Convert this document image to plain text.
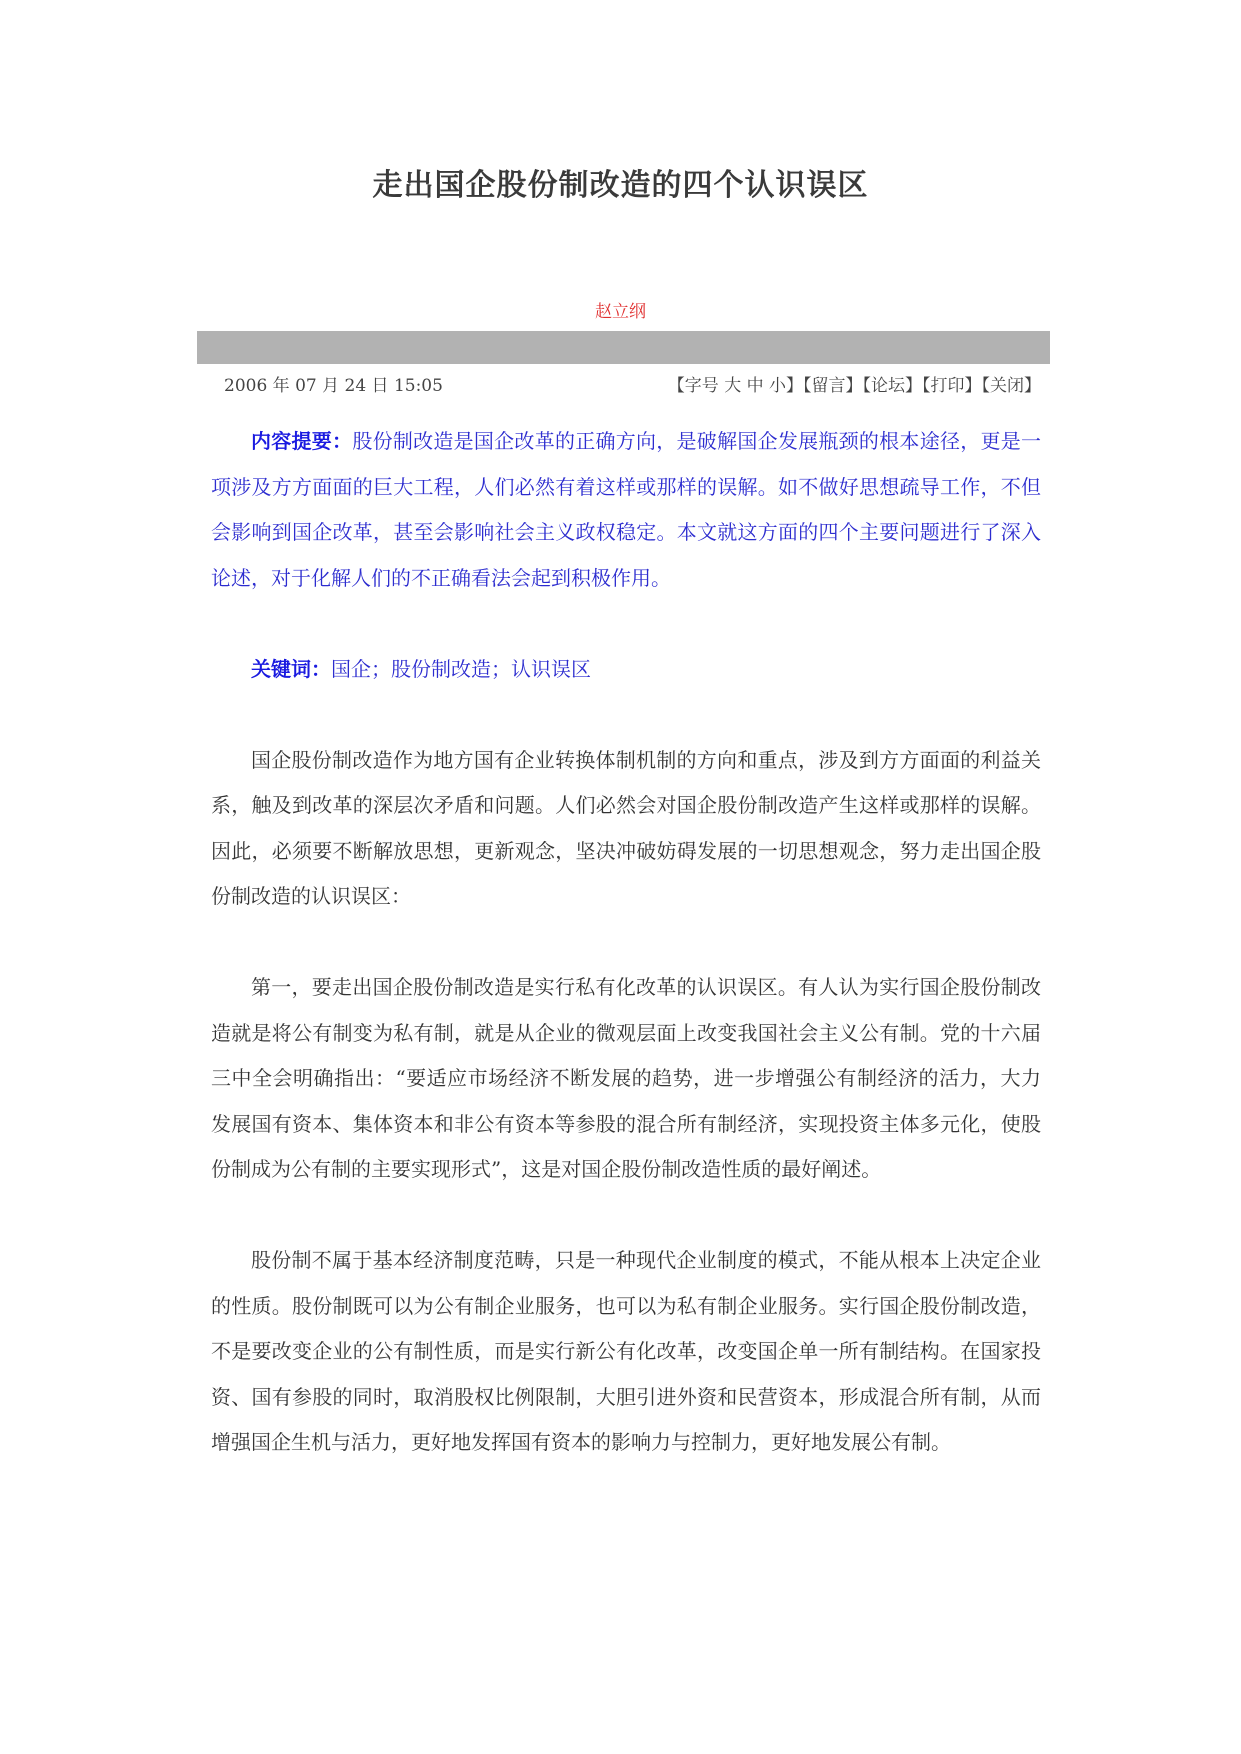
走出国企股份制改造的四个认识误区
赵立纲
2006 年 07 月 24 日 15:05	【字号 大 中 小】【留言】【论坛】【打印】【关闭】

内容提要：股份制改造是国企改革的正确方向，是破解国企发展瓶颈的根本途径，更是一项涉及方方面面的巨大工程，人们必然有着这样或那样的误解。如不做好思想疏导工作，不但会影响到国企改革，甚至会影响社会主义政权稳定。本文就这方面的四个主要问题进行了深入论述，对于化解人们的不正确看法会起到积极作用。

关键词：国企；股份制改造；认识误区

国企股份制改造作为地方国有企业转换体制机制的方向和重点，涉及到方方面面的利益关系，触及到改革的深层次矛盾和问题。人们必然会对国企股份制改造产生这样或那样的误解。因此，必须要不断解放思想，更新观念，坚决冲破妨碍发展的一切思想观念，努力走出国企股份制改造的认识误区：

第一，要走出国企股份制改造是实行私有化改革的认识误区。有人认为实行国企股份制改造就是将公有制变为私有制，就是从企业的微观层面上改变我国社会主义公有制。党的十六届三中全会明确指出：“要适应市场经济不断发展的趋势，进一步增强公有制经济的活力，大力发展国有资本、集体资本和非公有资本等参股的混合所有制经济，实现投资主体多元化，使股份制成为公有制的主要实现形式”，这是对国企股份制改造性质的最好阐述。

股份制不属于基本经济制度范畴，只是一种现代企业制度的模式，不能从根本上决定企业的性质。股份制既可以为公有制企业服务，也可以为私有制企业服务。实行国企股份制改造，不是要改变企业的公有制性质，而是实行新公有化改革，改变国企单一所有制结构。在国家投资、国有参股的同时，取消股权比例限制，大胆引进外资和民营资本，形成混合所有制，从而增强国企生机与活力，更好地发挥国有资本的影响力与控制力，更好地发展公有制。
